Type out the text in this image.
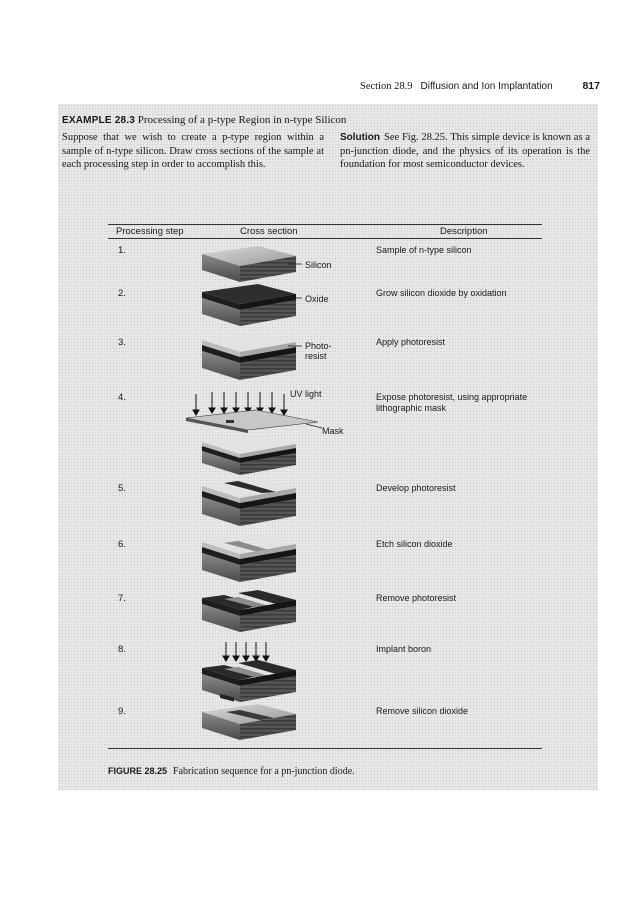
Section 28.9 Diffusion and Ion Implantation	817
EXAMPLE 28.3 Processing of a p-type Region in n-type Silicon
Suppose that we wish to create a p-type region within a sample of n-type silicon. Draw cross sections of the sample at each processing step in order to accomplish this.
Solution See Fig. 28.25. This simple device is known as a pn-junction diode, and the physics of its operation is the foundation for most semiconductor devices.
Processing step	Cross section	Description
1.	Sample of n-type silicon
2.	Grow silicon dioxide by oxidation
3.	Apply photoresist
4.	Expose photoresist, using appropriate lithographic mask
5.	Develop photoresist
6.	Etch silicon dioxide
7.	Remove photoresist
8.	Implant boron
9.	Remove silicon dioxide
Silicon
Oxide
Photo-
resist
UV light
Mask
FIGURE 28.25 Fabrication sequence for a pn-junction diode.
